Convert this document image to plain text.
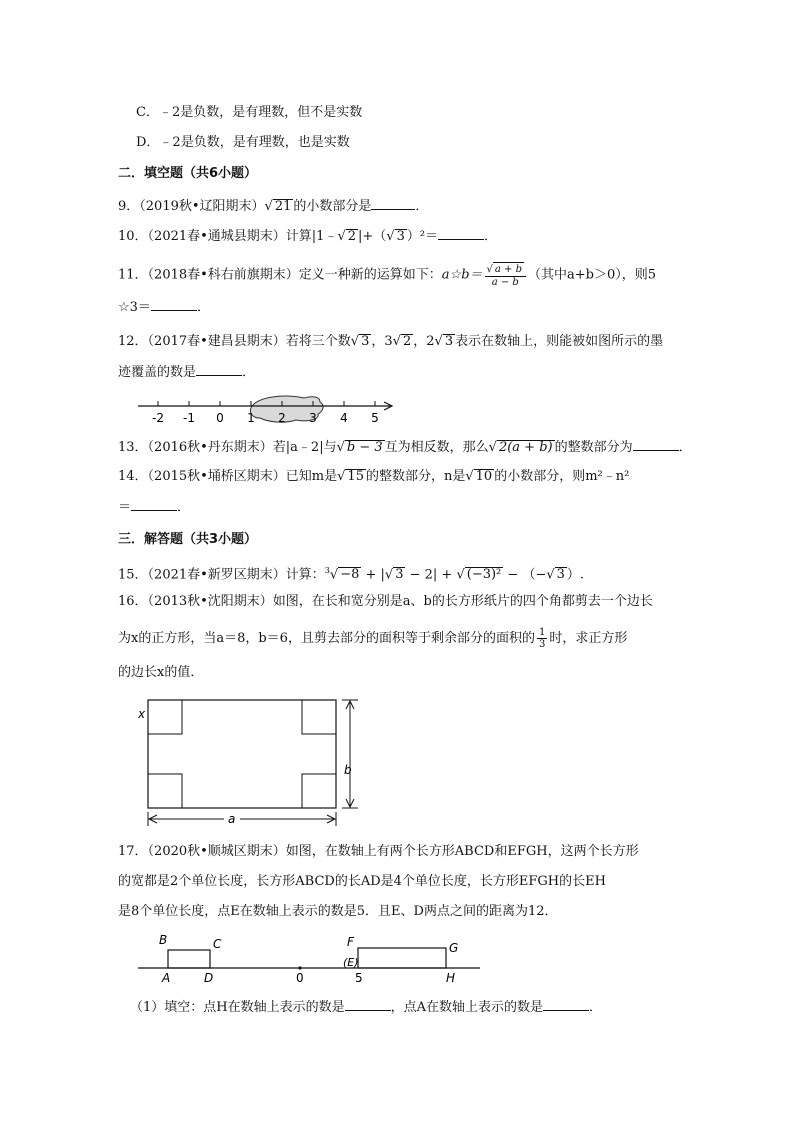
C．﹣2是负数，是有理数，但不是实数
D．﹣2是负数，是有理数，也是实数
二．填空题（共6小题）
9．（2019秋•辽阳期末）√ 21 的小数部分是	．
10．（2021春•通城县期末）计算|1﹣√ 2 |+（√ 3 ）²＝	．
11．（2018春•科右前旗期末）定义一种新的运算如下：a☆b＝ $\frac{√ a + b}{a - b}$ （其中a+b＞0），则5
☆3＝	．
12．（2017春•建昌县期末）若将三个数√ 3 ，3√ 2 ，2√ 3 表示在数轴上，则能被如图所示的墨
迹覆盖的数是	．
-2 -1 0 1 2 3 4 5
13．（2016秋•丹东期末）若|a﹣2|与√ b − 3 互为相反数，那么√ 2(a + b) 的整数部分为	．
14．（2015秋•埇桥区期末）已知m是√ 15 的整数部分，n是√ 10 的小数部分，则m²﹣n²
＝	．
三．解答题（共3小题）
15．（2021春•新罗区期末）计算：$^3$√ −8 + |√ 3 − 2| + √ (−3)² − （−√ 3 ）.
16．（2013秋•沈阳期末）如图，在长和宽分别是a、b的长方形纸片的四个角都剪去一个边长
为x的正方形，当a＝8，b＝6，且剪去部分的面积等于剩余部分的面积的 $\frac{1}{3}$ 时，求正方形
的边长x的值．
x
b
a
17．（2020秋•顺城区期末）如图，在数轴上有两个长方形ABCD和EFGH，这两个长方形
的宽都是2个单位长度，长方形ABCD的长AD是4个单位长度，长方形EFGH的长EH
是8个单位长度，点E在数轴上表示的数是5．且E、D两点之间的距离为12．
B	C
A	D	0
F	G
(E)
5	H
（1）填空：点H在数轴上表示的数是	，点A在数轴上表示的数是	．
